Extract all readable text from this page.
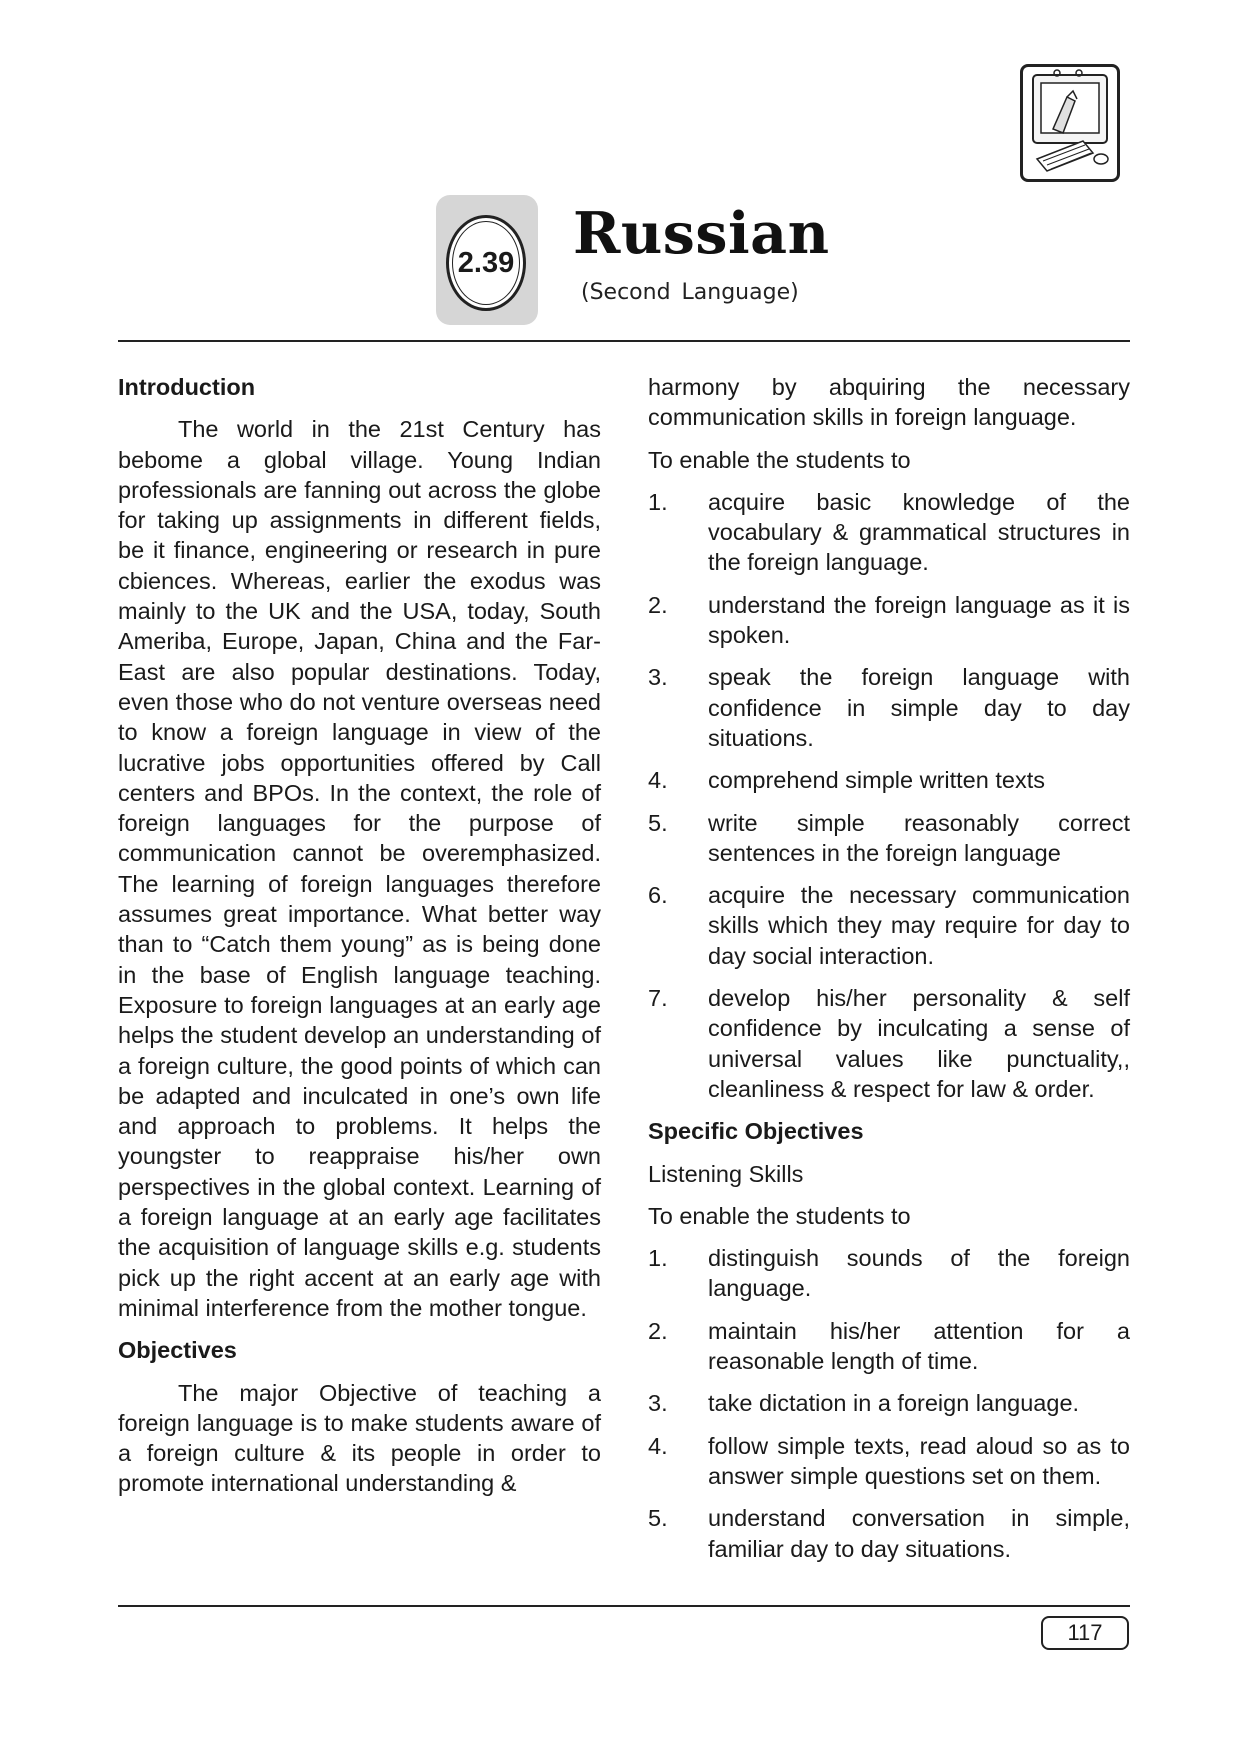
2.39 Russian
(Second Language)
Introduction

The world in the 21st Century has bebome a global village. Young Indian professionals are fanning out across the globe for taking up assignments in different fields, be it finance, engineering or research in pure cbiences. Whereas, earlier the exodus was mainly to the UK and the USA, today, South Ameriba, Europe, Japan, China and the Far-East are also popular destinations. Today, even those who do not venture overseas need to know a foreign language in view of the lucrative jobs opportunities offered by Call centers and BPOs. In the context, the role of foreign languages for the purpose of communication cannot be overemphasized. The learning of foreign languages therefore assumes great importance. What better way than to “Catch them young” as is being done in the base of English language teaching. Exposure to foreign languages at an early age helps the student develop an understanding of a foreign culture, the good points of which can be adapted and inculcated in one’s own life and approach to problems. It helps the youngster to reappraise his/her own perspectives in the global context. Learning of a foreign language at an early age facilitates the acquisition of language skills e.g. students pick up the right accent at an early age with minimal interference from the mother tongue.

Objectives

The major Objective of teaching a foreign language is to make students aware of a foreign culture & its people in order to promote international understanding &

harmony by abquiring the necessary communication skills in foreign language.

To enable the students to
1. acquire basic knowledge of the vocabulary & grammatical structures in the foreign language.
2. understand the foreign language as it is spoken.
3. speak the foreign language with confidence in simple day to day situations.
4. comprehend simple written texts
5. write simple reasonably correct sentences in the foreign language
6. acquire the necessary communication skills which they may require for day to day social interaction.
7. develop his/her personality & self confidence by inculcating a sense of universal values like punctuality,, cleanliness & respect for law & order.
Specific Objectives
Listening Skills
To enable the students to
1. distinguish sounds of the foreign language.
2. maintain his/her attention for a reasonable length of time.
3. take dictation in a foreign language.
4. follow simple texts, read aloud so as to answer simple questions set on them.
5. understand conversation in simple, familiar day to day situations.
117
